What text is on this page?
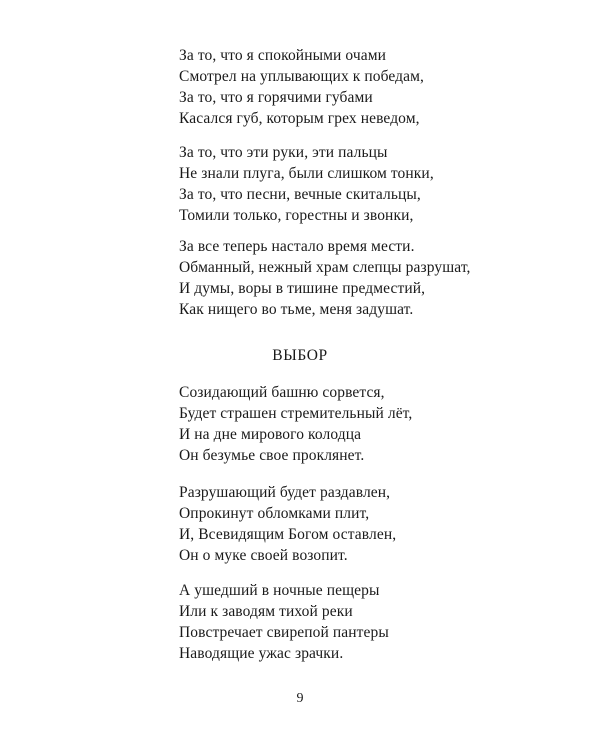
За то, что я спокойными очами
Смотрел на уплывающих к победам,
За то, что я горячими губами
Касался губ, которым грех неведом,
За то, что эти руки, эти пальцы
Не знали плуга, были слишком тонки,
За то, что песни, вечные скитальцы,
Томили только, горестны и звонки,
За все теперь настало время мести.
Обманный, нежный храм слепцы разрушат,
И думы, воры в тишине предместий,
Как нищего во тьме, меня задушат.
ВЫБОР
Созидающий башню сорвется,
Будет страшен стремительный лёт,
И на дне мирового колодца
Он безумье свое проклянет.
Разрушающий будет раздавлен,
Опрокинут обломками плит,
И, Всевидящим Богом оставлен,
Он о муке своей возопит.
А ушедший в ночные пещеры
Или к заводям тихой реки
Повстречает свирепой пантеры
Наводящие ужас зрачки.
9
